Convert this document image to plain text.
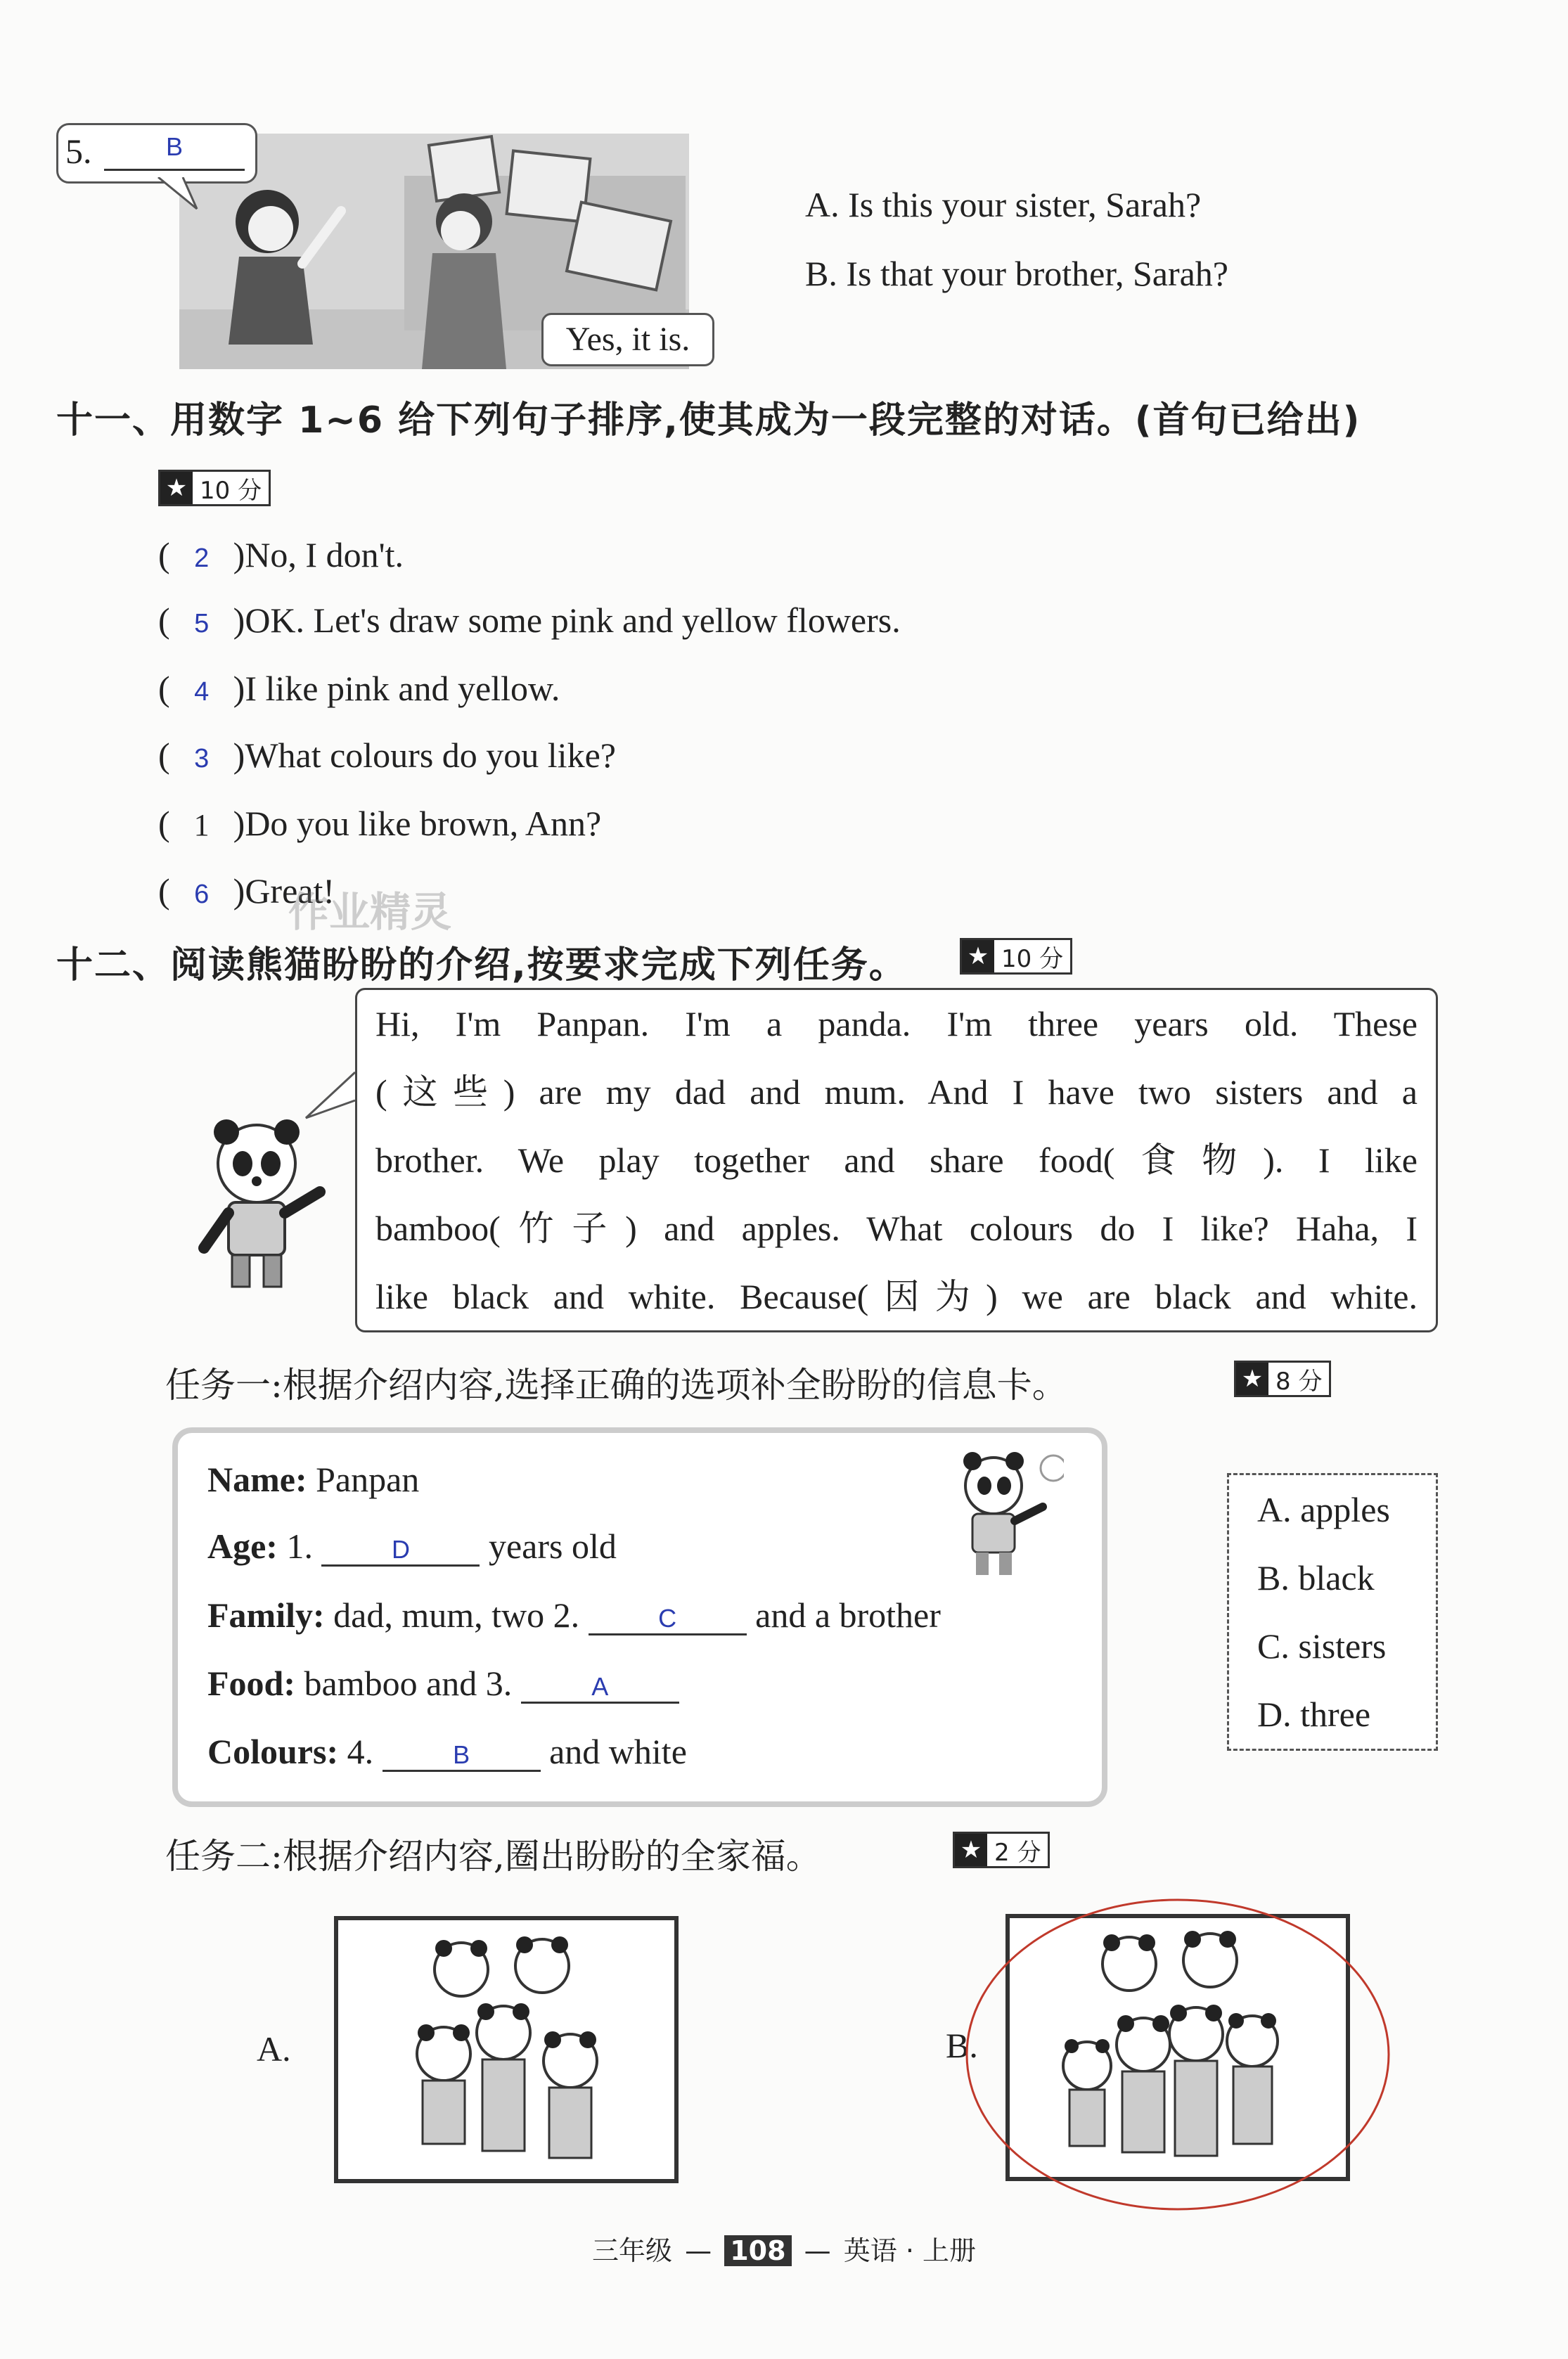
5.	B
Yes, it is.
A. Is this your sister, Sarah?
B. Is that your brother, Sarah?
十一、用数字 1~6 给下列句子排序,使其成为一段完整的对话。(首句已给出)
★ 10 分
( 2 )No, I don't.
( 5 )OK. Let's draw some pink and yellow flowers.
( 4 )I like pink and yellow.
( 3 )What colours do you like?
( 1 )Do you like brown, Ann?
( 6 )Great!
作业精灵
十二、阅读熊猫盼盼的介绍,按要求完成下列任务。	★ 10 分
Hi, I'm Panpan. I'm a panda. I'm three years old. These
(这些) are my dad and mum. And I have two sisters and a
brother. We play together and share food(食物). I like
bamboo(竹子) and apples. What colours do I like? Haha, I
like black and white. Because(因为) we are black and white.
任务一:根据介绍内容,选择正确的选项补全盼盼的信息卡。	★ 8 分
Name: Panpan
Age: 1.	D years old
Family: dad, mum, two 2.	C and a brother
Food: bamboo and 3.	A
Colours: 4.	B and white
A. apples
B. black
C. sisters
D. three
任务二:根据介绍内容,圈出盼盼的全家福。	★ 2 分
A.	B.
三年级 — 108 — 英语 · 上册
